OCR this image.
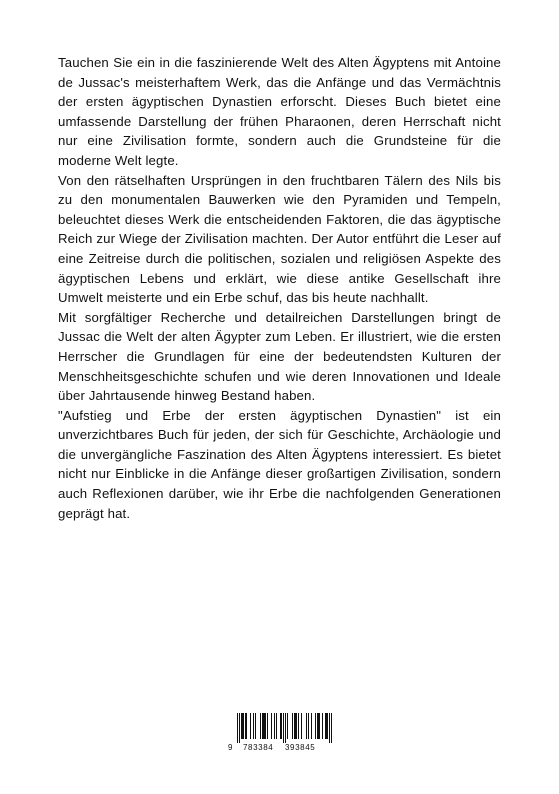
Tauchen Sie ein in die faszinierende Welt des Alten Ägyptens mit Antoine de Jussac's meisterhaftem Werk, das die Anfänge und das Vermächtnis der ersten ägyptischen Dynastien erforscht. Dieses Buch bietet eine umfassende Darstellung der frühen Pharaonen, deren Herrschaft nicht nur eine Zivilisation formte, sondern auch die Grundsteine für die moderne Welt legte.

Von den rätselhaften Ursprüngen in den fruchtbaren Tälern des Nils bis zu den monumentalen Bauwerken wie den Pyramiden und Tempeln, beleuchtet dieses Werk die entscheidenden Faktoren, die das ägyptische Reich zur Wiege der Zivilisation machten. Der Autor entführt die Leser auf eine Zeitreise durch die politischen, sozialen und religiösen Aspekte des ägyptischen Lebens und erklärt, wie diese antike Gesellschaft ihre Umwelt meisterte und ein Erbe schuf, das bis heute nachhallt.

Mit sorgfältiger Recherche und detailreichen Darstellungen bringt de Jussac die Welt der alten Ägypter zum Leben. Er illustriert, wie die ersten Herrscher die Grundlagen für eine der bedeutendsten Kulturen der Menschheitsgeschichte schufen und wie deren Innovationen und Ideale über Jahrtausende hinweg Bestand haben.

"Aufstieg und Erbe der ersten ägyptischen Dynastien" ist ein unverzichtbares Buch für jeden, der sich für Geschichte, Archäologie und die unvergängliche Faszination des Alten Ägyptens interessiert. Es bietet nicht nur Einblicke in die Anfänge dieser großartigen Zivilisation, sondern auch Reflexionen darüber, wie ihr Erbe die nachfolgenden Generationen geprägt hat.

9 783384 393845
